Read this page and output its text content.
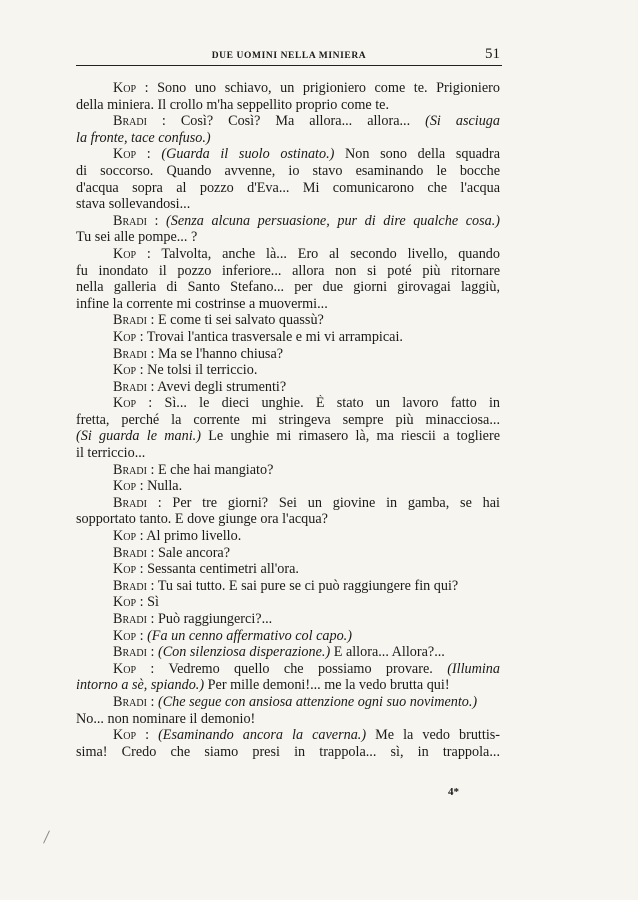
DUE UOMINI NELLA MINIERA	51
Kop : Sono uno schiavo, un prigioniero come te. Prigioniero
della miniera. Il crollo m'ha seppellito proprio come te.
Bradi : Così? Così? Ma allora... allora... (Si asciuga
la fronte, tace confuso.)
Kop : (Guarda il suolo ostinato.) Non sono della squadra
di soccorso. Quando avvenne, io stavo esaminando le bocche
d'acqua sopra al pozzo d'Eva... Mi comunicarono che l'acqua
stava sollevandosi...
Bradi : (Senza alcuna persuasione, pur di dire qualche cosa.)
Tu sei alle pompe... ?
Kop : Talvolta, anche là... Ero al secondo livello, quando
fu inondato il pozzo inferiore... allora non si poté più ritornare
nella galleria di Santo Stefano... per due giorni girovagai laggiù,
infine la corrente mi costrinse a muovermi...
Bradi : E come ti sei salvato quassù?
Kop : Trovai l'antica trasversale e mi vi arrampicai.
Bradi : Ma se l'hanno chiusa?
Kop : Ne tolsi il terriccio.
Bradi : Avevi degli strumenti?
Kop : Sì... le dieci unghie. È stato un lavoro fatto in
fretta, perché la corrente mi stringeva sempre più minacciosa...
(Si guarda le mani.) Le unghie mi rimasero là, ma riescii a togliere
il terriccio...
Bradi : E che hai mangiato?
Kop : Nulla.
Bradi : Per tre giorni? Sei un giovine in gamba, se hai
sopportato tanto. E dove giunge ora l'acqua?
Kop : Al primo livello.
Bradi : Sale ancora?
Kop : Sessanta centimetri all'ora.
Bradi : Tu sai tutto. E sai pure se ci può raggiungere fin qui?
Kop : Sì
Bradi : Può raggiungerci?...
Kop : (Fa un cenno affermativo col capo.)
Bradi : (Con silenziosa disperazione.) E allora... Allora?...
Kop : Vedremo quello che possiamo provare. (Illumina
intorno a sè, spiando.) Per mille demoni!... me la vedo brutta qui!
Bradi : (Che segue con ansiosa attenzione ogni suo novimento.)
No... non nominare il demonio!
Kop : (Esaminando ancora la caverna.) Me la vedo bruttis-
sima! Credo che siamo presi in trappola... sì, in trappola...
4*
